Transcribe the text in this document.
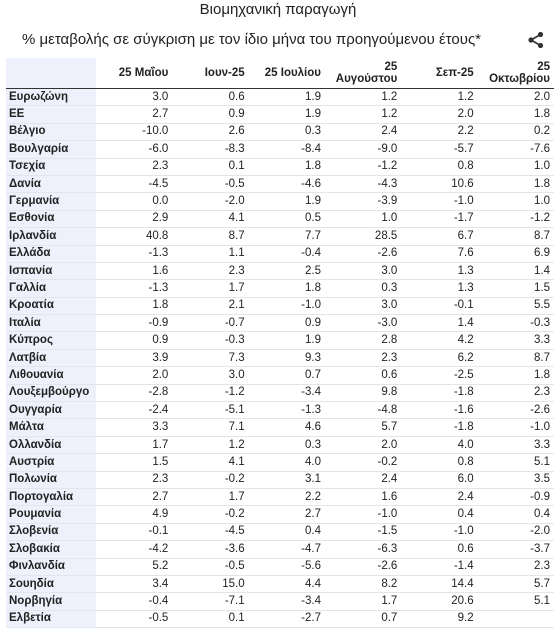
Βιομηχανική παραγωγή
% μεταβολής σε σύγκριση με τον ίδιο μήνα του προηγούμενου έτους*
	25 Μαΐου	Ιουν-25	25 Ιουλίου	25 Αυγούστου	Σεπ-25	25 Οκτωβρίου
Ευρωζώνη	3.0	0.6	1.9	1.2	1.2	2.0
ΕΕ	2.7	0.9	1.9	1.2	2.0	1.8
Βέλγιο	-10.0	2.6	0.3	2.4	2.2	0.2
Βουλγαρία	-6.0	-8.3	-8.4	-9.0	-5.7	-7.6
Τσεχία	2.3	0.1	1.8	-1.2	0.8	1.0
Δανία	-4.5	-0.5	-4.6	-4.3	10.6	1.8
Γερμανία	0.0	-2.0	1.9	-3.9	-1.0	1.0
Εσθονία	2.9	4.1	0.5	1.0	-1.7	-1.2
Ιρλανδία	40.8	8.7	7.7	28.5	6.7	8.7
Ελλάδα	-1.3	1.1	-0.4	-2.6	7.6	6.9
Ισπανία	1.6	2.3	2.5	3.0	1.3	1.4
Γαλλία	-1.3	1.7	1.8	0.3	1.3	1.5
Κροατία	1.8	2.1	-1.0	3.0	-0.1	5.5
Ιταλία	-0.9	-0.7	0.9	-3.0	1.4	-0.3
Κύπρος	0.9	-0.3	1.9	2.8	4.2	3.3
Λατβία	3.9	7.3	9.3	2.3	6.2	8.7
Λιθουανία	2.0	3.0	0.7	0.6	-2.5	1.8
Λουξεμβούργο	-2.8	-1.2	-3.4	9.8	-1.8	2.3
Ουγγαρία	-2.4	-5.1	-1.3	-4.8	-1.6	-2.6
Μάλτα	3.3	7.1	4.6	5.7	-1.8	-1.0
Ολλανδία	1.7	1.2	0.3	2.0	4.0	3.3
Αυστρία	1.5	4.1	4.0	-0.2	0.8	5.1
Πολωνία	2.3	-0.2	3.1	2.4	6.0	3.5
Πορτογαλία	2.7	1.7	2.2	1.6	2.4	-0.9
Ρουμανία	4.9	-0.2	2.7	-1.0	0.4	0.4
Σλοβενία	-0.1	-4.5	0.4	-1.5	-1.0	-2.0
Σλοβακία	-4.2	-3.6	-4.7	-6.3	0.6	-3.7
Φινλανδία	5.2	-0.5	-5.6	-2.6	-1.4	2.3
Σουηδία	3.4	15.0	4.4	8.2	14.4	5.7
Νορβηγία	-0.4	-7.1	-3.4	1.7	20.6	5.1
Ελβετία	-0.5	0.1	-2.7	0.7	9.2	
